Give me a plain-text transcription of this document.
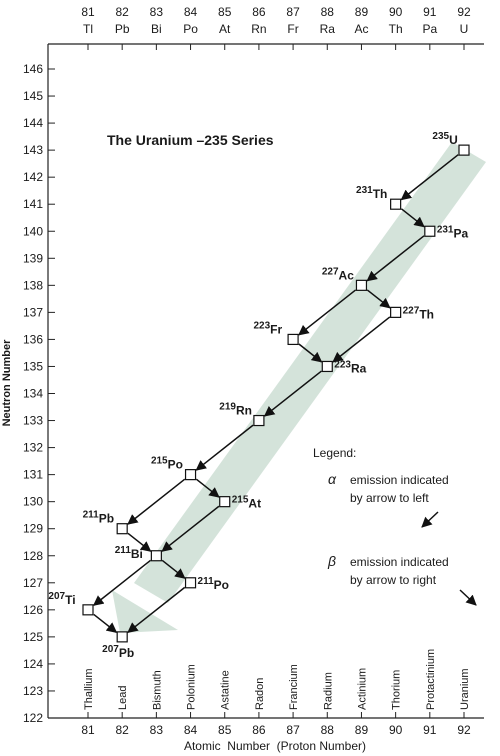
122
123
124
125
126
127
128
129
130
131
132
133
134
135
136
137
138
139
140
141
142
143
144
145
146
81
81
Tl
Thallium
82
82
Pb
Lead
83
83
Bi
Bismuth
84
84
Po
Polonium
85
85
At
Astatine
86
86
Rn
Radon
87
87
Fr
Francium
88
88
Ra
Radium
89
89
Ac
Actinium
90
90
Th
Thorium
91
91
Pa
Protactinium
92
92
U
Uranium
$^{235}$U
$^{231}$Th
$^{231}$Pa
$^{227}$Ac
$^{227}$Th
$^{223}$Fr
$^{223}$Ra
$^{219}$Rn
$^{215}$Po
$^{215}$At
$^{211}$Pb
$^{211}$Bi
$^{211}$Po
$^{207}$Ti
$^{207}$Pb
The Uranium –235 Series
Neutron Number
Atomic  Number  (Proton Number)
Legend:
α emission indicated
by arrow to left
β emission indicated
by arrow to right
